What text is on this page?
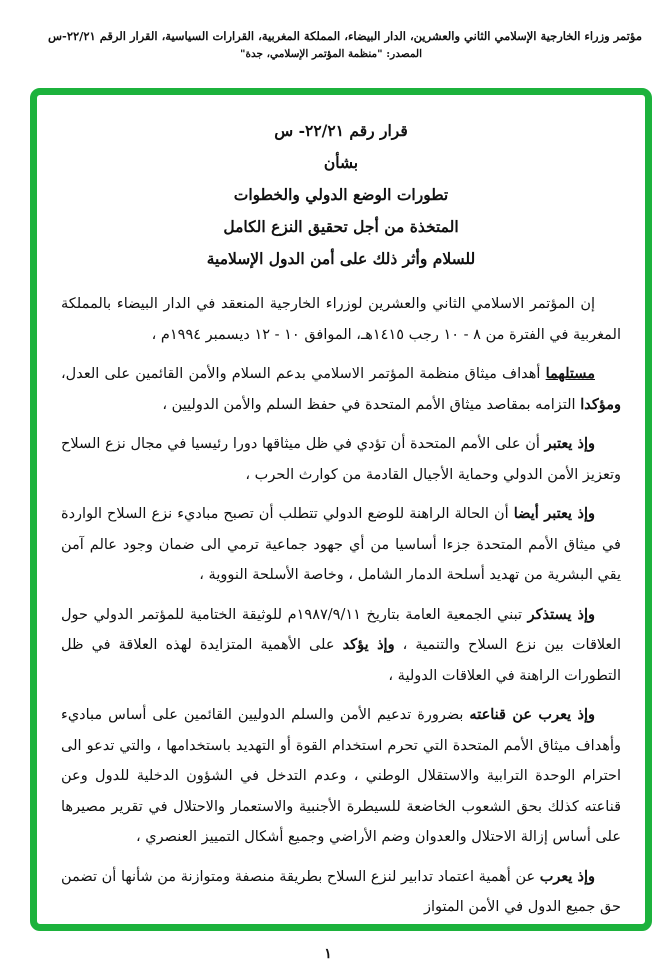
مؤتمر وزراء الخارجية الإسلامي الثاني والعشرين، الدار البيضاء، المملكة المغربية، القرارات السياسية، القرار الرقم ٢٢/٢١-س
المصدر: "منظمة المؤتمر الإسلامي، جدة"
قرار رقم ٢٢/٢١- س
بشأن
تطورات الوضع الدولي والخطوات
المتخذة من أجل تحقيق النزع الكامل
للسلام وأثر ذلك على أمن الدول الإسلامية

إن المؤتمر الاسلامي الثاني والعشرين لوزراء الخارجية المنعقد في الدار البيضاء بالمملكة المغربية في الفترة من ٨ - ١٠ رجب ١٤١٥هـ، الموافق ١٠ - ١٢ ديسمبر ١٩٩٤م ،

مستلهما أهداف ميثاق منظمة المؤتمر الاسلامي بدعم السلام والأمن القائمين على العدل، ومؤكدا التزامه بمقاصد ميثاق الأمم المتحدة في حفظ السلم والأمن الدوليين ،

وإذ يعتبر أن على الأمم المتحدة أن تؤدي في ظل ميثاقها دورا رئيسيا في مجال نزع السلاح وتعزيز الأمن الدولي وحماية الأجيال القادمة من كوارث الحرب ،

وإذ يعتبر أيضا أن الحالة الراهنة للوضع الدولي تتطلب أن تصبح مباديء نزع السلاح الواردة في ميثاق الأمم المتحدة جزءا أساسيا من أي جهود جماعية ترمي الى ضمان وجود عالم آمن يقي البشرية من تهديد أسلحة الدمار الشامل ، وخاصة الأسلحة النووية ،

وإذ يستذكر تبني الجمعية العامة بتاريخ ١٩٨٧/٩/١١م للوثيقة الختامية للمؤتمر الدولي حول العلاقات بين نزع السلاح والتنمية ، وإذ يؤكد على الأهمية المتزايدة لهذه العلاقة في ظل التطورات الراهنة في العلاقات الدولية ،

وإذ يعرب عن قناعته بضرورة تدعيم الأمن والسلم الدوليين القائمين على أساس مباديء وأهداف ميثاق الأمم المتحدة التي تحرم استخدام القوة أو التهديد باستخدامها ، والتي تدعو الى احترام الوحدة الترابية والاستقلال الوطني ، وعدم التدخل في الشؤون الدخلية للدول وعن قناعته كذلك بحق الشعوب الخاضعة للسيطرة الأجنبية والاستعمار والاحتلال في تقرير مصيرها على أساس إزالة الاحتلال والعدوان وضم الأراضي وجميع أشكال التمييز العنصري ،

وإذ يعرب عن أهمية اعتماد تدابير لنزع السلاح بطريقة منصفة ومتوازنة من شأنها أن تضمن حق جميع الدول في الأمن المتواز

١
